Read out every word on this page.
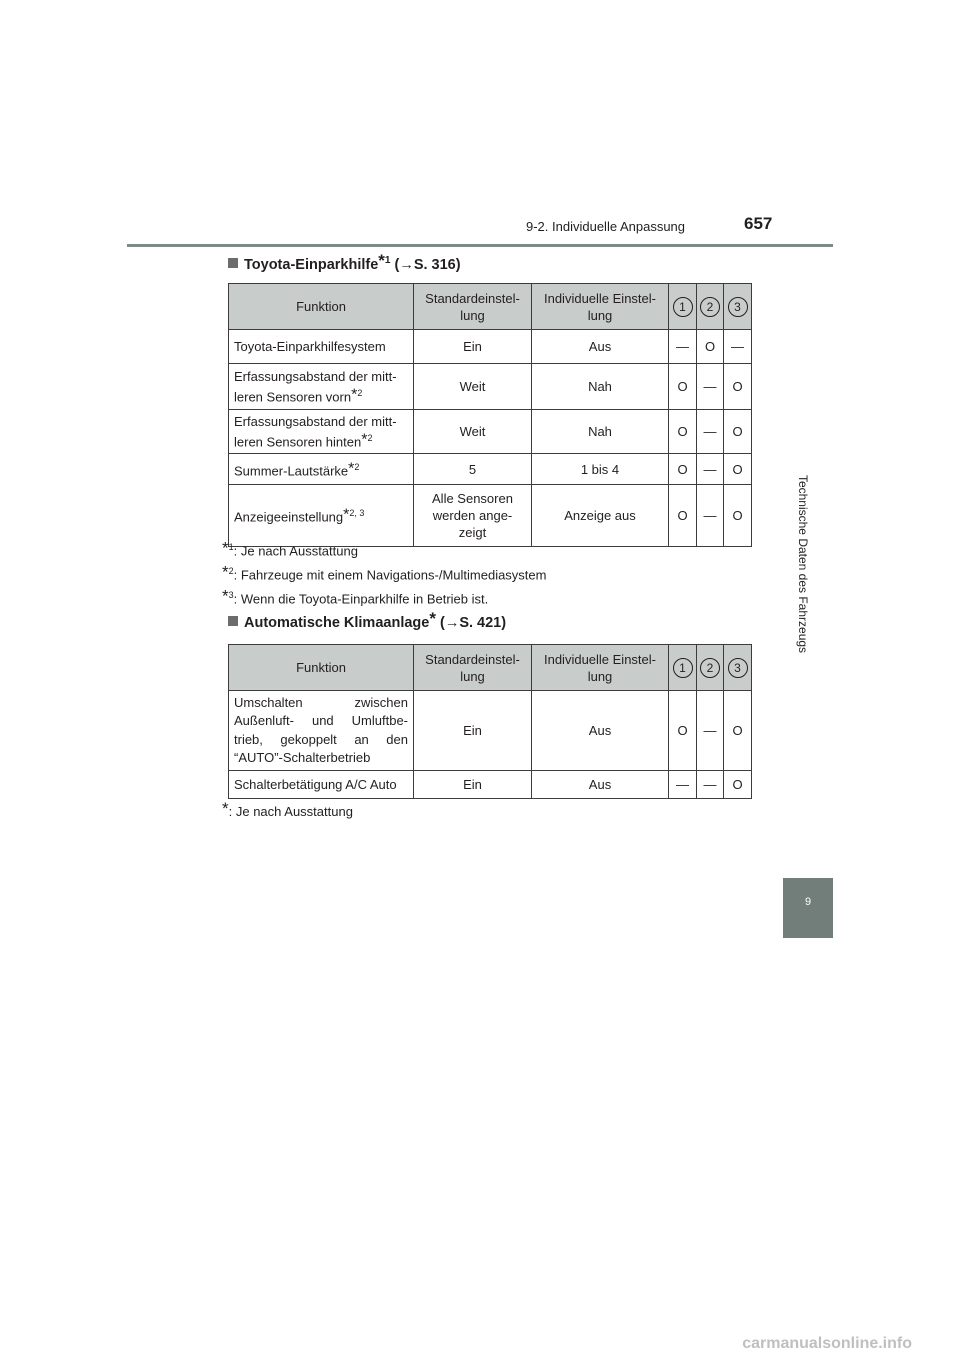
9-2. Individuelle Anpassung	657
Technische Daten des Fahrzeugs
9
Toyota-Einparkhilfe*$^1$ (→S. 316)
Funktion	Standardeinstel-
lung	Individuelle Einstel-
lung	1	2	3
Toyota-Einparkhilfesystem	Ein	Aus	—	O	—
Erfassungsabstand der mitt-
leren Sensoren vorn*$^2$	Weit	Nah	O	—	O
Erfassungsabstand der mitt-
leren Sensoren hinten*$^2$	Weit	Nah	O	—	O
Summer-Lautstärke*$^2$	5	1 bis 4	O	—	O
Anzeigeeinstellung*$^{2, 3}$	Alle Sensoren
werden ange-
zeigt	Anzeige aus	O	—	O
*$^1$: Je nach Ausstattung
*$^2$: Fahrzeuge mit einem Navigations-/Multimediasystem
*$^3$: Wenn die Toyota-Einparkhilfe in Betrieb ist.
Automatische Klimaanlage* (→S. 421)
Funktion	Standardeinstel-
lung	Individuelle Einstel-
lung	1	2	3
Umschalten zwischen Außenluft- und Umluftbe-trieb, gekoppelt an den “AUTO”-Schalterbetrieb	Ein	Aus	O	—	O
Schalterbetätigung A/C Auto	Ein	Aus	—	—	O
*: Je nach Ausstattung
carmanualsonline.info
